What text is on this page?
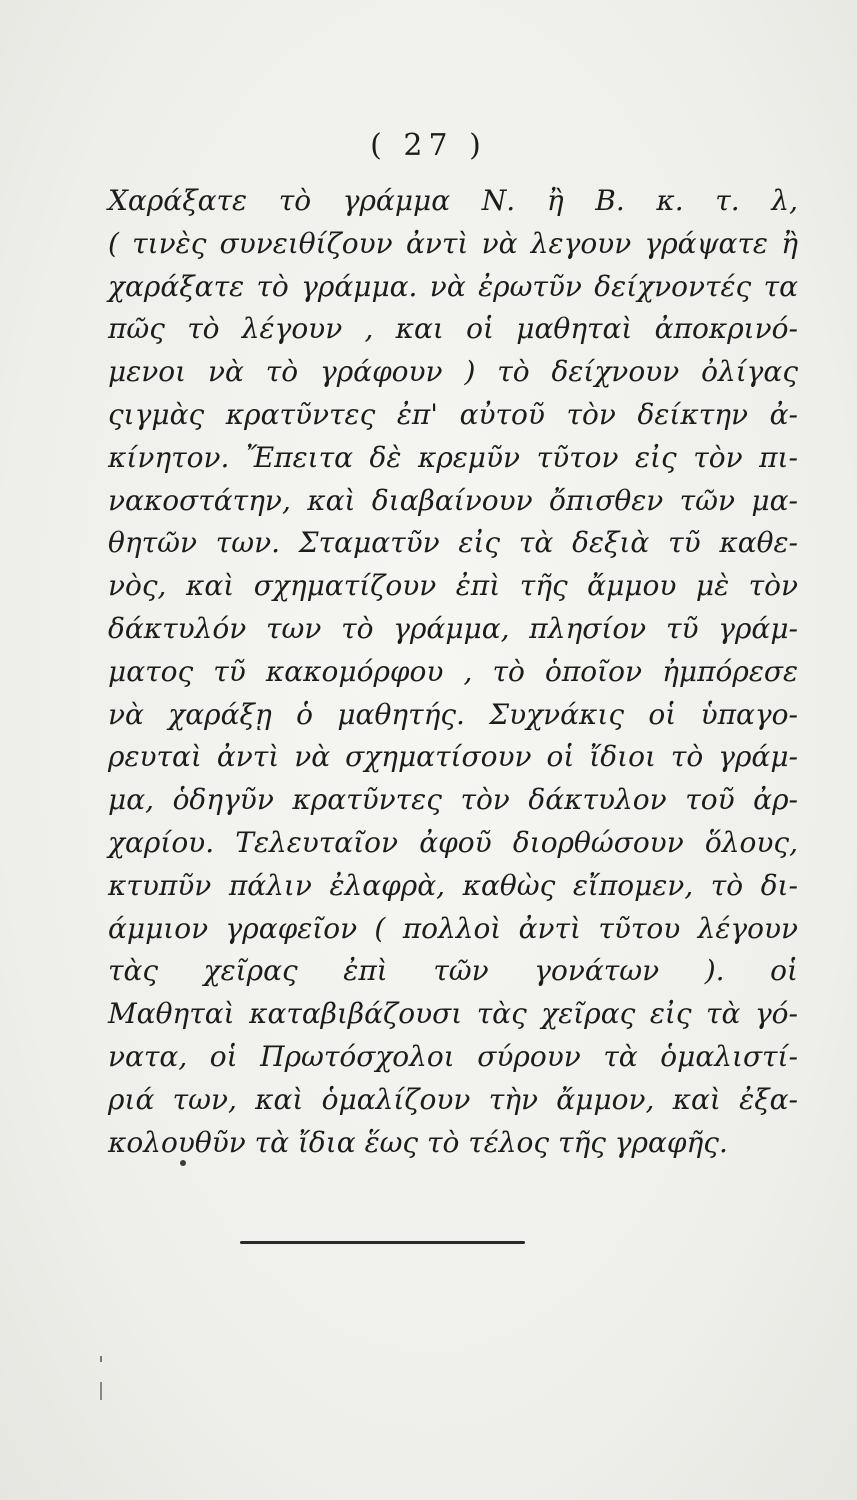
( 27 )
Χαράξατε τὸ γράμμα Ν. ἢ Β. κ. τ. λ,
( τινὲς συνειθίζουν ἀντὶ νὰ λεγουν γράψατε ἢ
χαράξατε τὸ γράμμα. νὰ ἐρωτῦν δείχνοντές τα
πῶς τὸ λέγουν , και οἱ μαθηταὶ ἀποκρινό-
μενοι νὰ τὸ γράφουν ) τὸ δείχνουν ὀλίγας
ςιγμὰς κρατῦντες ἐπ' αὐτοῦ τὸν δείκτην ἀ-
κίνητον. Ἔπειτα δὲ κρεμῦν τῦτον εἰς τὸν πι-
νακοστάτην, καὶ διαβαίνουν ὄπισθεν τῶν μα-
θητῶν των. Σταματῦν εἰς τὰ δεξιὰ τῦ καθε-
νὸς, καὶ σχηματίζουν ἐπὶ τῆς ἄμμου μὲ τὸν
δάκτυλόν των τὸ γράμμα, πλησίον τῦ γράμ-
ματος τῦ κακομόρφου , τὸ ὁποῖον ἠμπόρεσε
νὰ χαράξῃ ὁ μαθητής. Συχνάκις οἱ ὑπαγο-
ρευταὶ ἀντὶ νὰ σχηματίσουν οἱ ἴδιοι τὸ γράμ-
μα, ὁδηγῦν κρατῦντες τὸν δάκτυλον τοῦ ἀρ-
χαρίου. Τελευταῖον ἀφοῦ διορθώσουν ὅλους,
κτυπῦν πάλιν ἐλαφρὰ, καθὼς εἴπομεν, τὸ δι-
άμμιον γραφεῖον ( πολλοὶ ἀντὶ τῦτου λέγουν
τὰς χεῖρας ἐπὶ τῶν γονάτων ). οἱ
Μαθηταὶ καταβιβάζουσι τὰς χεῖρας εἰς τὰ γό-
νατα, οἱ Πρωτόσχολοι σύρουν τὰ ὁμαλιστί-
ριά των, καὶ ὁμαλίζουν τὴν ἄμμον, καὶ ἐξα-
κολουθῦν τὰ ἴδια ἕως τὸ τέλος τῆς γραφῆς.
